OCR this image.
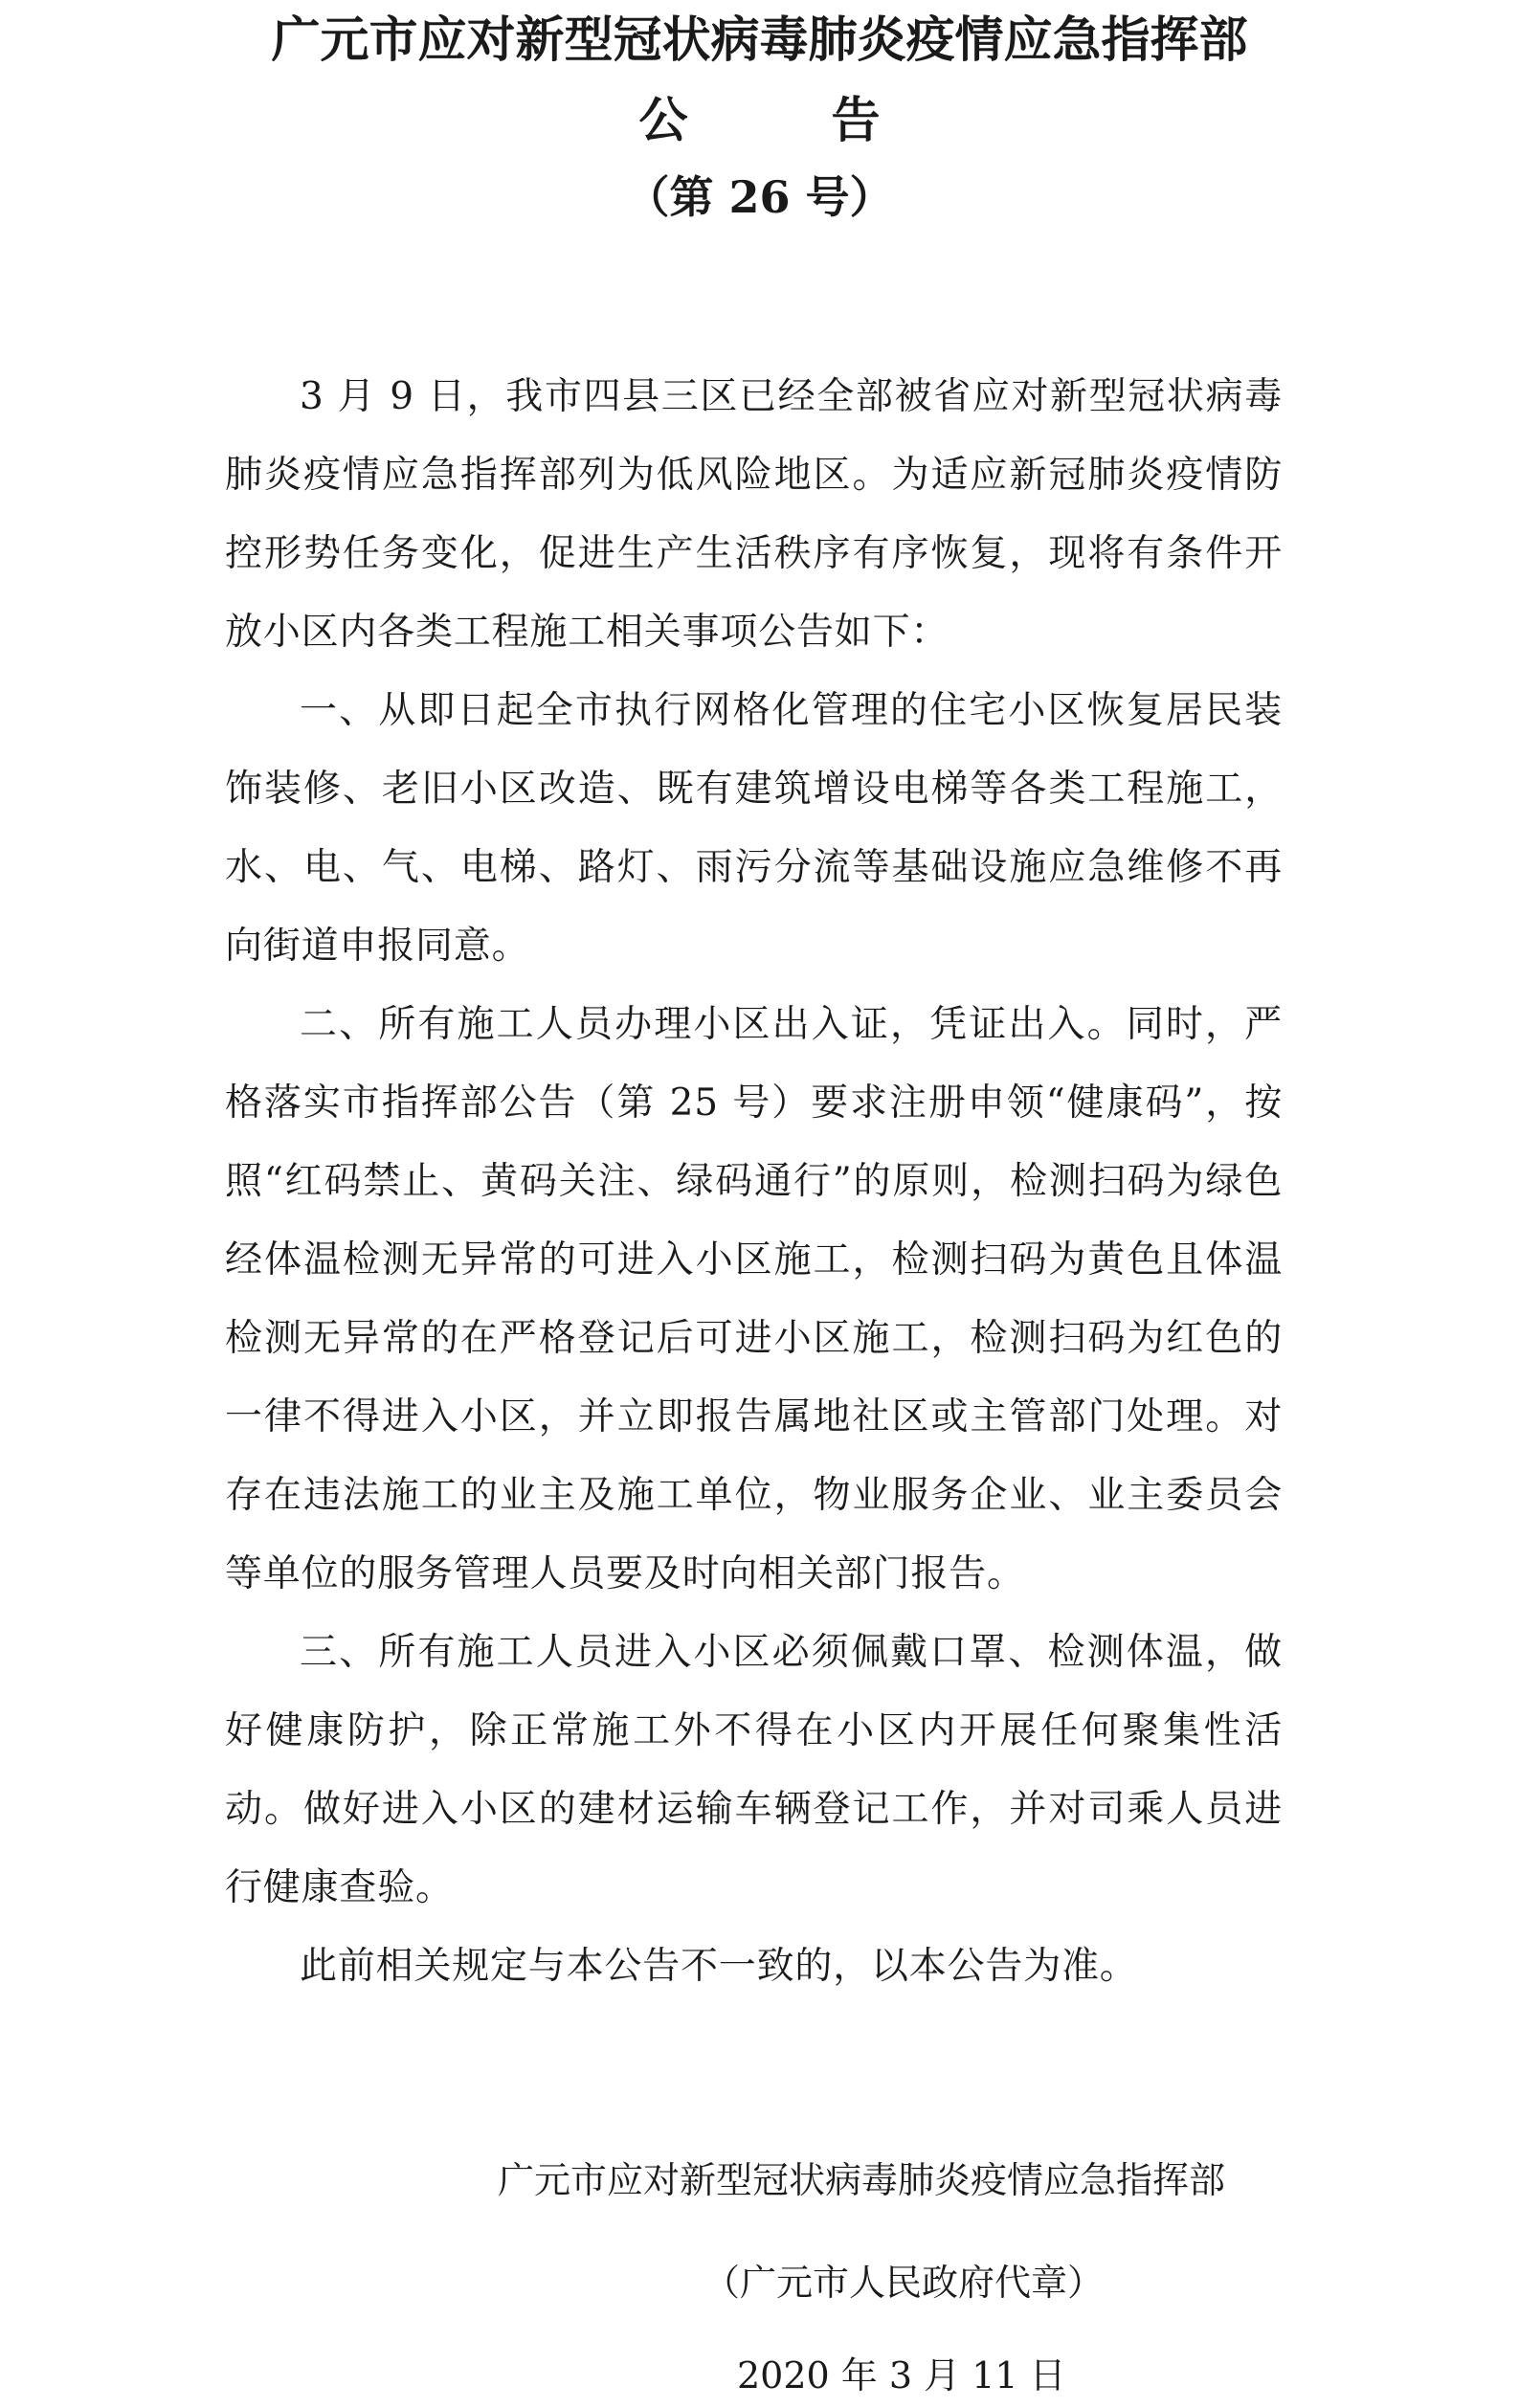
广元市应对新型冠状病毒肺炎疫情应急指挥部
公告
（第 26 号）

3 月 9 日，我市四县三区已经全部被省应对新型冠状病毒肺炎疫情应急指挥部列为低风险地区。为适应新冠肺炎疫情防控形势任务变化，促进生产生活秩序有序恢复，现将有条件开放小区内各类工程施工相关事项公告如下：

一、从即日起全市执行网格化管理的住宅小区恢复居民装饰装修、老旧小区改造、既有建筑增设电梯等各类工程施工，水、电、气、电梯、路灯、雨污分流等基础设施应急维修不再向街道申报同意。

二、所有施工人员办理小区出入证，凭证出入。同时，严格落实市指挥部公告（第 25 号）要求注册申领“健康码”，按照“红码禁止、黄码关注、绿码通行”的原则，检测扫码为绿色经体温检测无异常的可进入小区施工，检测扫码为黄色且体温检测无异常的在严格登记后可进小区施工，检测扫码为红色的一律不得进入小区，并立即报告属地社区或主管部门处理。对存在违法施工的业主及施工单位，物业服务企业、业主委员会等单位的服务管理人员要及时向相关部门报告。

三、所有施工人员进入小区必须佩戴口罩、检测体温，做好健康防护，除正常施工外不得在小区内开展任何聚集性活动。做好进入小区的建材运输车辆登记工作，并对司乘人员进行健康查验。

此前相关规定与本公告不一致的，以本公告为准。

广元市应对新型冠状病毒肺炎疫情应急指挥部
（广元市人民政府代章）
2020 年 3 月 11 日
